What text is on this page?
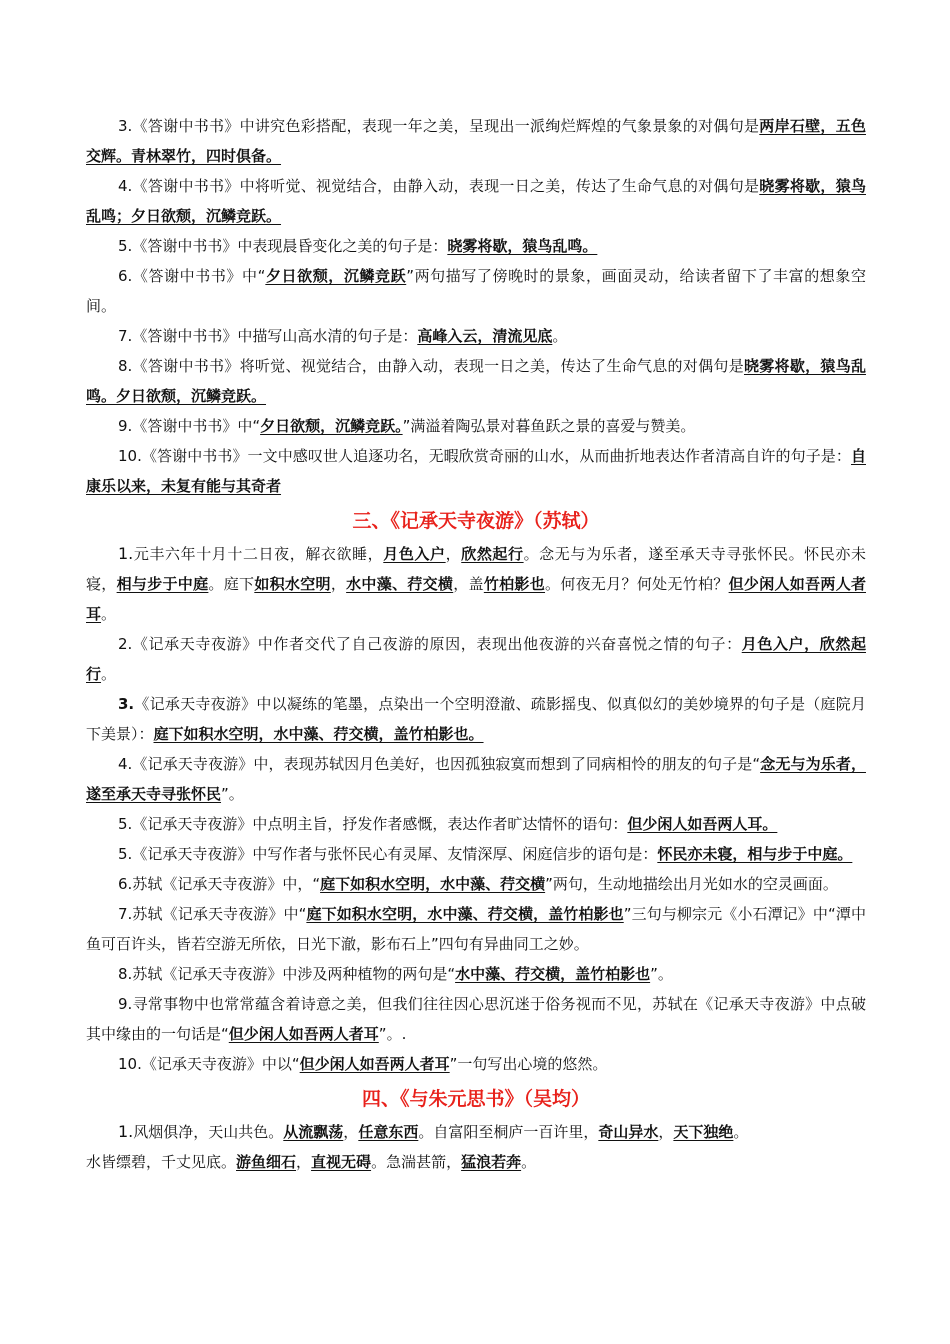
3.《答谢中书书》中讲究色彩搭配，表现一年之美，呈现出一派绚烂辉煌的气象景象的对偶句是两岸石壁，五色交辉。青林翠竹，四时俱备。

4.《答谢中书书》中将听觉、视觉结合，由静入动，表现一日之美，传达了生命气息的对偶句是晓雾将歇，猿鸟乱鸣；夕日欲颓，沉鳞竞跃。

5.《答谢中书书》中表现晨昏变化之美的句子是：晓雾将歇，猿鸟乱鸣。

6.《答谢中书书》中“夕日欲颓，沉鳞竞跃”两句描写了傍晚时的景象，画面灵动，给读者留下了丰富的想象空间。

7.《答谢中书书》中描写山高水清的句子是：高峰入云，清流见底。

8.《答谢中书书》将听觉、视觉结合，由静入动，表现一日之美，传达了生命气息的对偶句是晓雾将歇，猿鸟乱鸣。夕日欲颓，沉鳞竞跃。

9.《答谢中书书》中“夕日欲颓，沉鳞竞跃。”满溢着陶弘景对暮鱼跃之景的喜爱与赞美。

10.《答谢中书书》一文中感叹世人追逐功名，无暇欣赏奇丽的山水，从而曲折地表达作者清高自许的句子是：自康乐以来，未复有能与其奇者

三、《记承天寺夜游》（苏轼）

1.元丰六年十月十二日夜，解衣欲睡，月色入户，欣然起行。念无与为乐者，遂至承天寺寻张怀民。怀民亦未寝，相与步于中庭。庭下如积水空明，水中藻、荇交横，盖竹柏影也。何夜无月？何处无竹柏？但少闲人如吾两人者耳。

2.《记承天寺夜游》中作者交代了自己夜游的原因，表现出他夜游的兴奋喜悦之情的句子：月色入户，欣然起行。

3.《记承天寺夜游》中以凝练的笔墨，点染出一个空明澄澈、疏影摇曳、似真似幻的美妙境界的句子是（庭院月下美景）：庭下如积水空明，水中藻、荇交横，盖竹柏影也。

4.《记承天寺夜游》中，表现苏轼因月色美好，也因孤独寂寞而想到了同病相怜的朋友的句子是“念无与为乐者，遂至承天寺寻张怀民”。

5.《记承天寺夜游》中点明主旨，抒发作者感慨，表达作者旷达情怀的语句：但少闲人如吾两人耳。

5.《记承天寺夜游》中写作者与张怀民心有灵犀、友情深厚、闲庭信步的语句是：怀民亦未寝，相与步于中庭。

6.苏轼《记承天寺夜游》中，“庭下如积水空明，水中藻、荇交横”两句，生动地描绘出月光如水的空灵画面。

7.苏轼《记承天寺夜游》中“庭下如积水空明，水中藻、荇交横，盖竹柏影也”三句与柳宗元《小石潭记》中“潭中鱼可百许头，皆若空游无所依，日光下澈，影布石上”四句有异曲同工之妙。

8.苏轼《记承天寺夜游》中涉及两种植物的两句是“水中藻、荇交横，盖竹柏影也”。

9.寻常事物中也常常蕴含着诗意之美，但我们往往因心思沉迷于俗务视而不见，苏轼在《记承天寺夜游》中点破其中缘由的一句话是“但少闲人如吾两人者耳”。.

10.《记承天寺夜游》中以“但少闲人如吾两人者耳”一句写出心境的悠然。

四、《与朱元思书》（吴均）

1.风烟俱净，天山共色。从流飘荡，任意东西。自富阳至桐庐一百许里，奇山异水，天下独绝。

水皆缥碧，千丈见底。游鱼细石，直视无碍。急湍甚箭，猛浪若奔。
